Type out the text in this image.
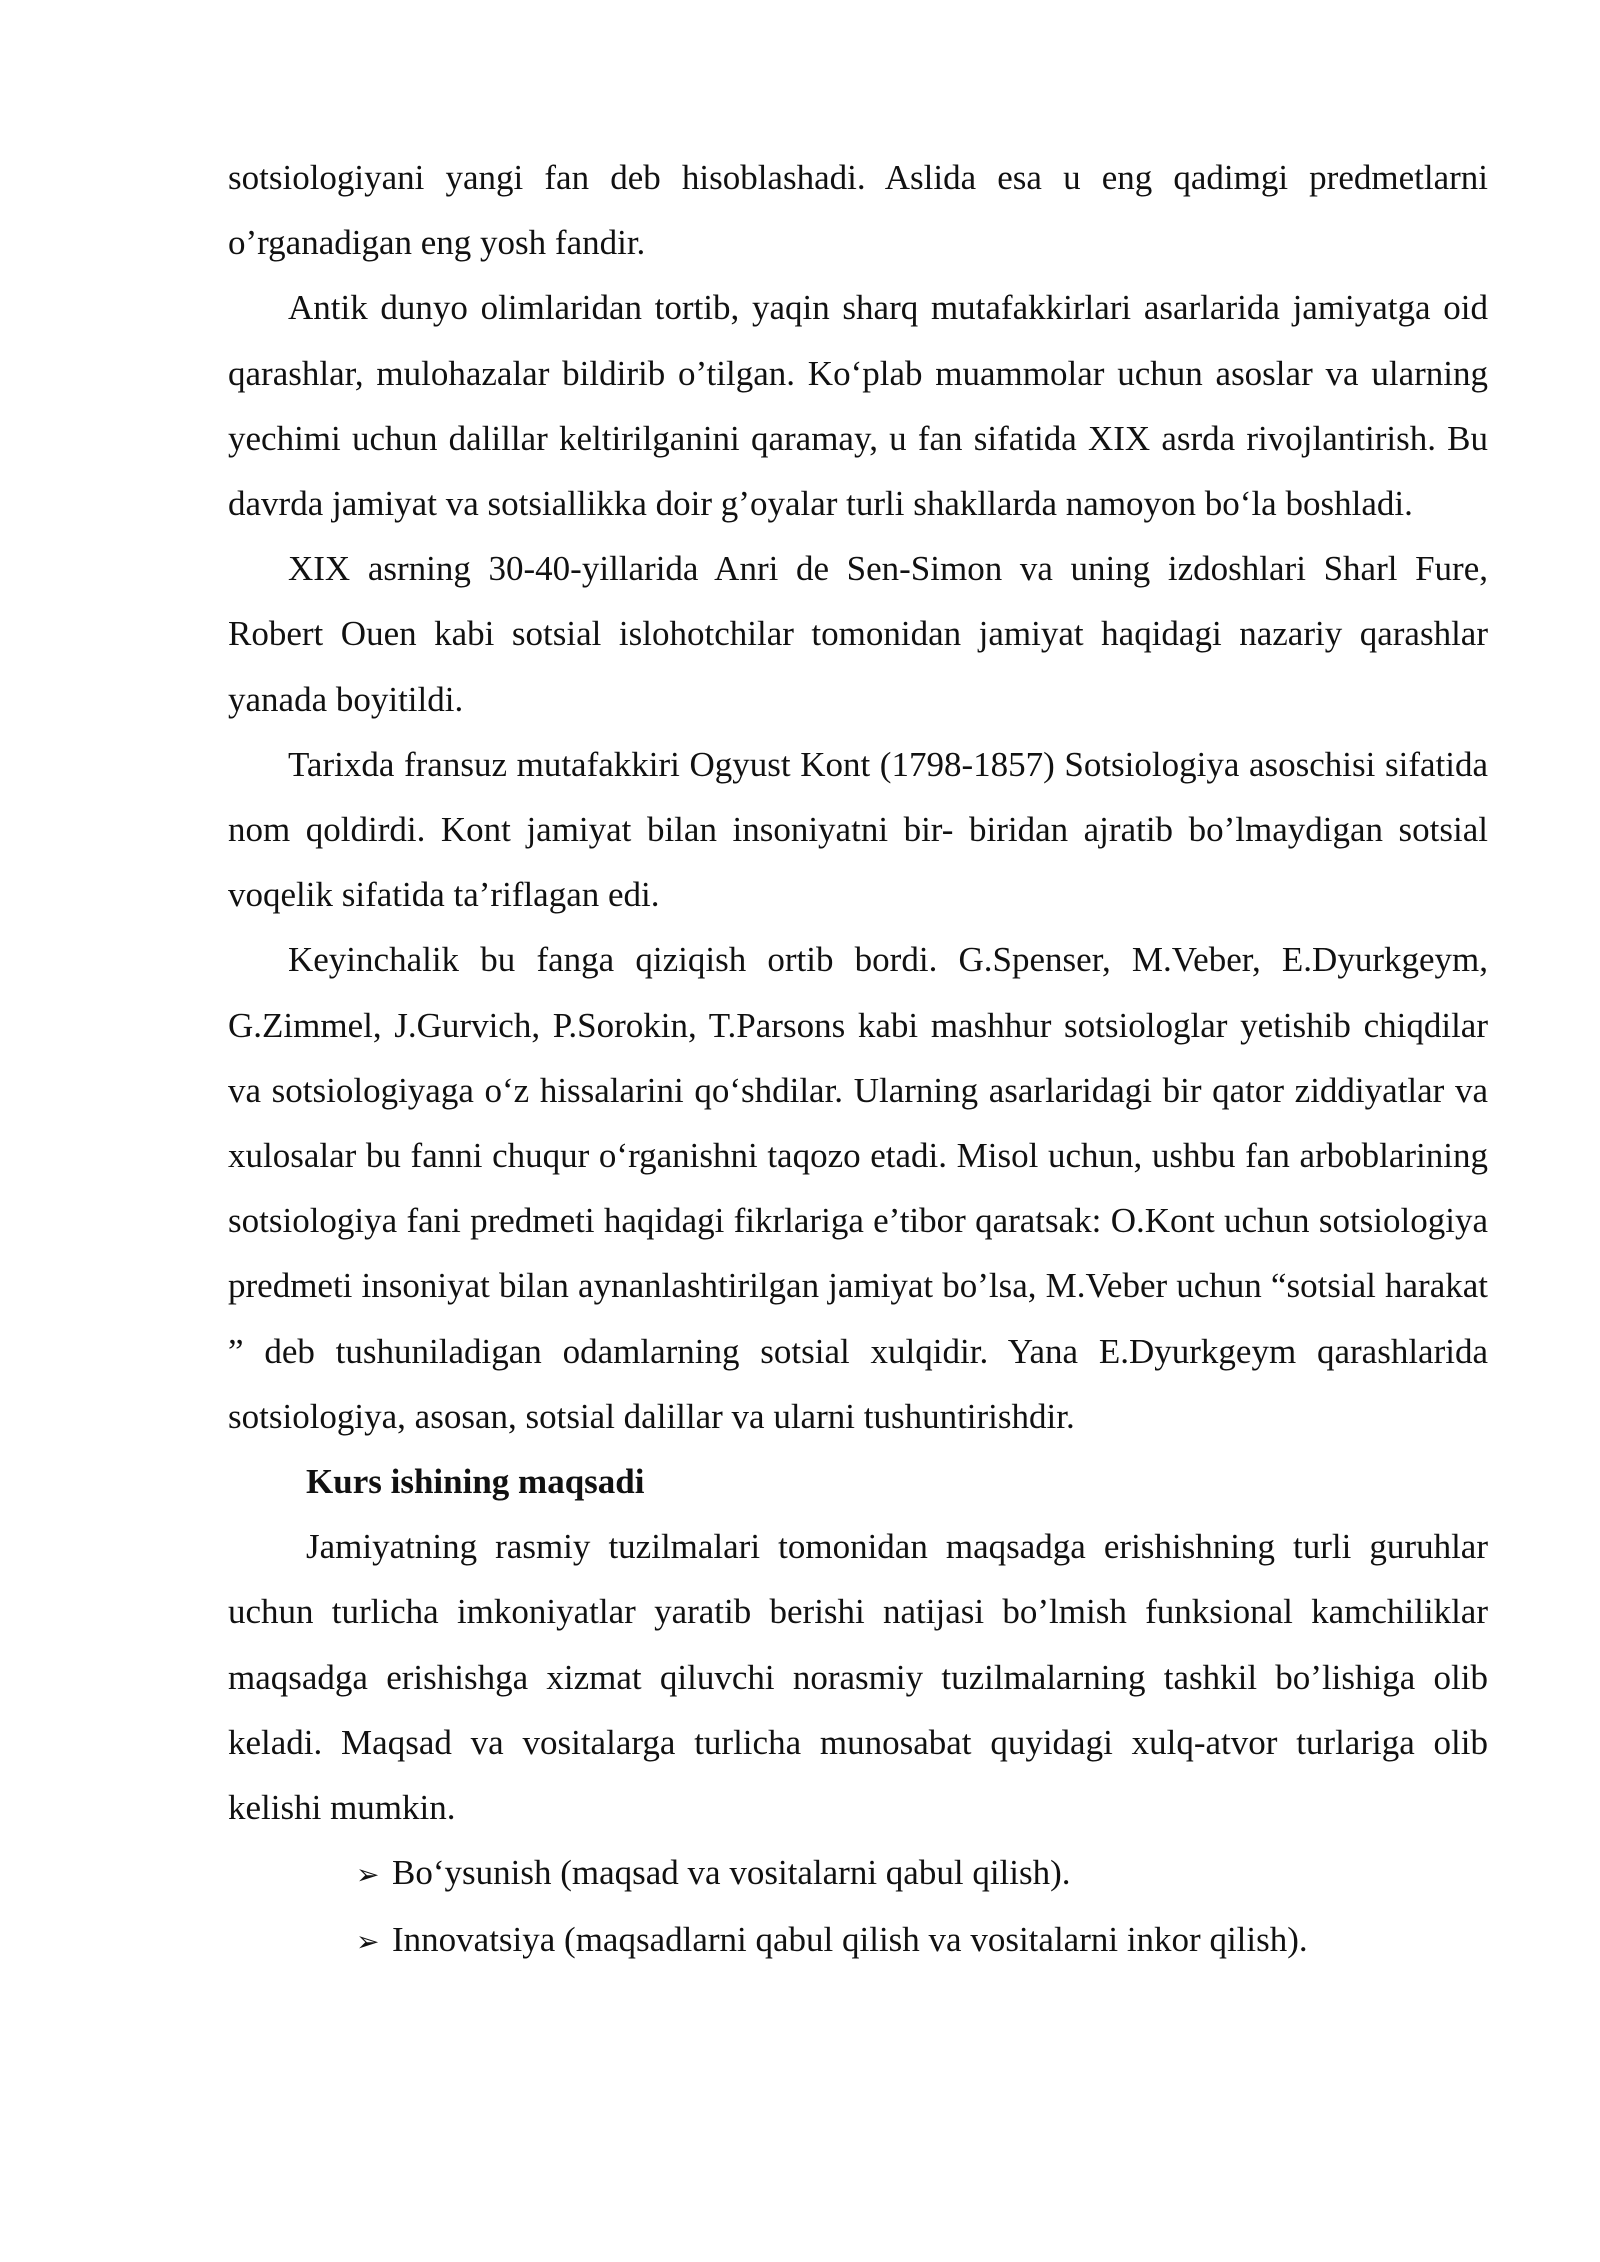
sotsiologiyani yangi fan deb hisoblashadi. Aslida esa u eng qadimgi predmetlarni o’rganadigan eng yosh fandir.

Antik dunyo olimlaridan tortib, yaqin sharq mutafakkirlari asarlarida jamiyatga oid qarashlar, mulohazalar bildirib o’tilgan. Ko‘plab muammolar uchun asoslar va ularning yechimi uchun dalillar keltirilganini qaramay, u fan sifatida XIX asrda rivojlantirish. Bu davrda jamiyat va sotsiallikka doir g’oyalar turli shakllarda namoyon bo‘la boshladi.

XIX asrning 30-40-yillarida Anri de Sen-Simon va uning izdoshlari Sharl Fure, Robert Ouen kabi sotsial islohotchilar tomonidan jamiyat haqidagi nazariy qarashlar yanada boyitildi.

Tarixda fransuz mutafakkiri Ogyust Kont (1798-1857) Sotsiologiya asoschisi sifatida nom qoldirdi. Kont jamiyat bilan insoniyatni bir- biridan ajratib bo’lmaydigan sotsial voqelik sifatida ta’riflagan edi.

Keyinchalik bu fanga qiziqish ortib bordi. G.Spenser, M.Veber, E.Dyurkgeym, G.Zimmel, J.Gurvich, P.Sorokin, T.Parsons kabi mashhur sotsiologlar yetishib chiqdilar va sotsiologiyaga o‘z hissalarini qo‘shdilar. Ularning asarlaridagi bir qator ziddiyatlar va xulosalar bu fanni chuqur o‘rganishni taqozo etadi. Misol uchun, ushbu fan arboblarining sotsiologiya fani predmeti haqidagi fikrlariga e’tibor qaratsak: O.Kont uchun sotsiologiya predmeti insoniyat bilan aynanlashtirilgan jamiyat bo’lsa, M.Veber uchun “sotsial harakat ” deb tushuniladigan odamlarning sotsial xulqidir. Yana E.Dyurkgeym qarashlarida sotsiologiya, asosan, sotsial dalillar va ularni tushuntirishdir.

Kurs ishining maqsadi

Jamiyatning rasmiy tuzilmalari tomonidan maqsadga erishishning turli guruhlar uchun turlicha imkoniyatlar yaratib berishi natijasi bo’lmish funksional kamchiliklar maqsadga erishishga xizmat qiluvchi norasmiy tuzilmalarning tashkil bo’lishiga olib keladi. Maqsad va vositalarga turlicha munosabat quyidagi xulq-atvor turlariga olib kelishi mumkin.

➢ Bo‘ysunish (maqsad va vositalarni qabul qilish).
➢ Innovatsiya (maqsadlarni qabul qilish va vositalarni inkor qilish).
